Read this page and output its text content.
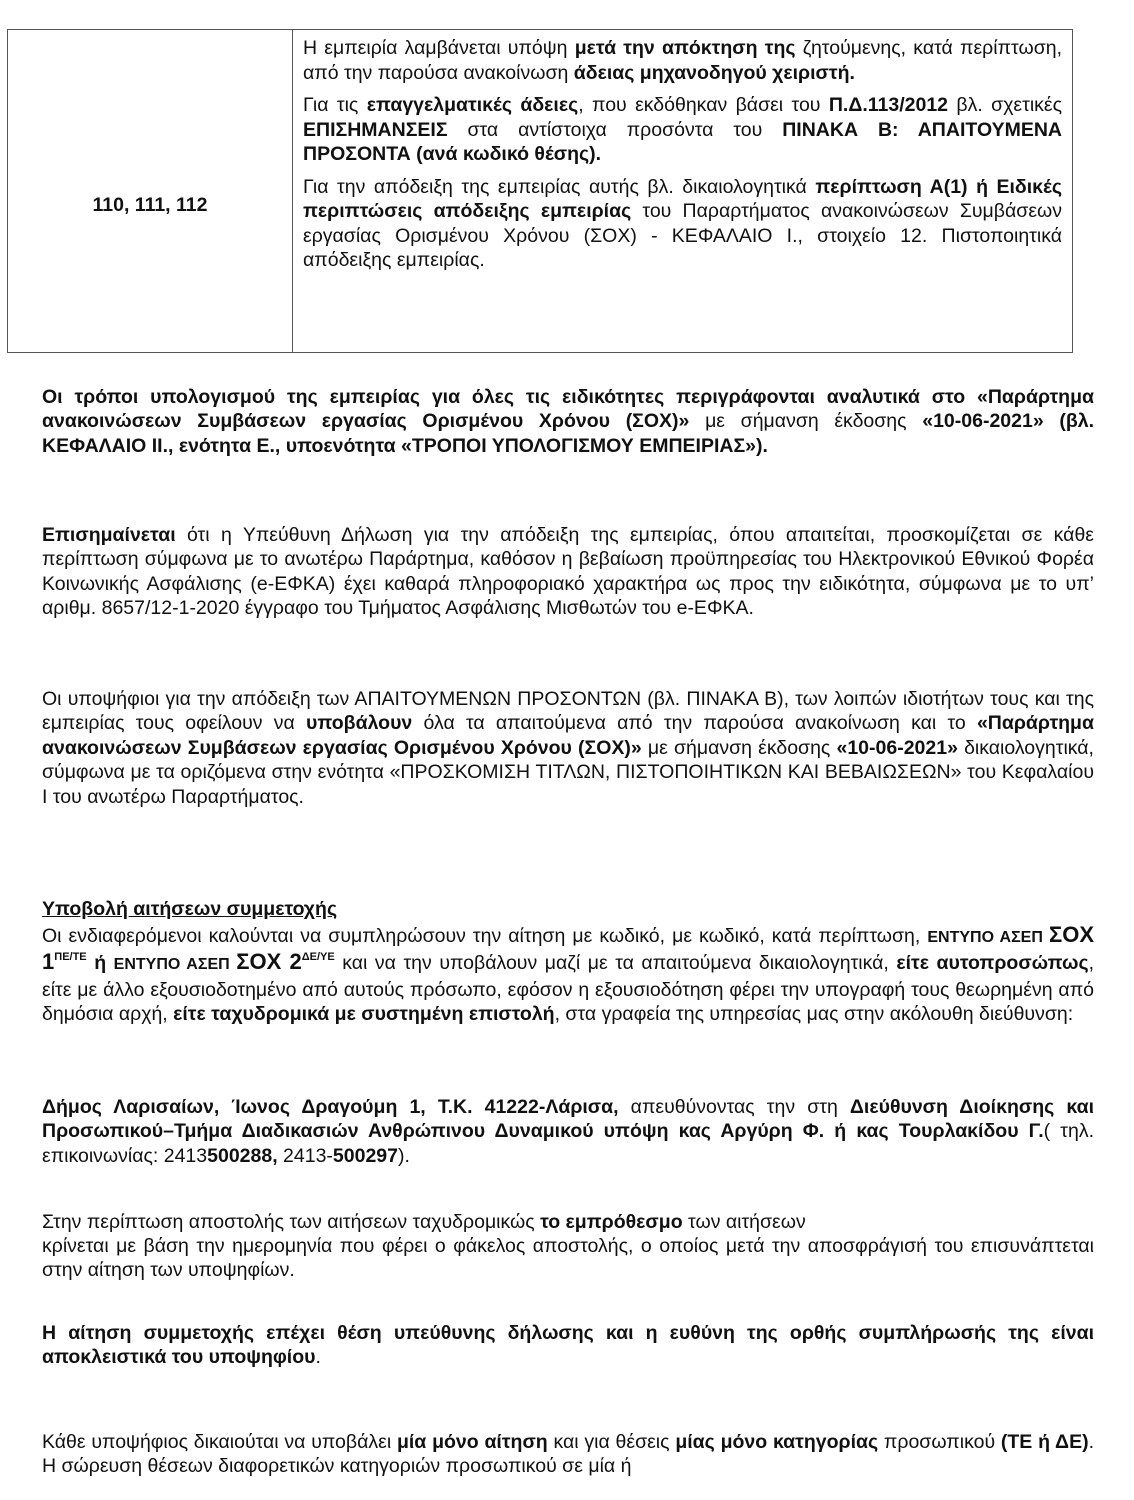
110, 111, 112

Η εμπειρία λαμβάνεται υπόψη μετά την απόκτηση της ζητούμενης, κατά περίπτωση, από την παρούσα ανακοίνωση άδειας μηχανοδηγού χειριστή.

Για τις επαγγελματικές άδειες, που εκδόθηκαν βάσει του Π.Δ.113/2012 βλ. σχετικές ΕΠΙΣΗΜΑΝΣΕΙΣ στα αντίστοιχα προσόντα του ΠΙΝΑΚΑ Β: ΑΠΑΙΤΟΥΜΕΝΑ ΠΡΟΣΟΝΤΑ (ανά κωδικό θέσης).

Για την απόδειξη της εμπειρίας αυτής βλ. δικαιολογητικά περίπτωση Α(1) ή Ειδικές περιπτώσεις απόδειξης εμπειρίας του Παραρτήματος ανακοινώσεων Συμβάσεων εργασίας Ορισμένου Χρόνου (ΣΟΧ) - ΚΕΦΑΛΑΙΟ Ι., στοιχείο 12. Πιστοποιητικά απόδειξης εμπειρίας.

Οι τρόποι υπολογισμού της εμπειρίας για όλες τις ειδικότητες περιγράφονται αναλυτικά στο «Παράρτημα ανακοινώσεων Συμβάσεων εργασίας Ορισμένου Χρόνου (ΣΟΧ)» με σήμανση έκδοσης «10-06-2021» (βλ. ΚΕΦΑΛΑΙΟ ΙΙ., ενότητα Ε., υποενότητα «ΤΡΟΠΟΙ ΥΠΟΛΟΓΙΣΜΟΥ ΕΜΠΕΙΡΙΑΣ»).

Επισημαίνεται ότι η Υπεύθυνη Δήλωση για την απόδειξη της εμπειρίας, όπου απαιτείται, προσκομίζεται σε κάθε περίπτωση σύμφωνα με το ανωτέρω Παράρτημα, καθόσον η βεβαίωση προϋπηρεσίας του Ηλεκτρονικού Εθνικού Φορέα Κοινωνικής Ασφάλισης (e-ΕΦΚΑ) έχει καθαρά πληροφοριακό χαρακτήρα ως προς την ειδικότητα, σύμφωνα με το υπ’ αριθμ. 8657/12-1-2020 έγγραφο του Τμήματος Ασφάλισης Μισθωτών του e-ΕΦΚΑ.

Οι υποψήφιοι για την απόδειξη των ΑΠΑΙΤΟΥΜΕΝΩΝ ΠΡΟΣΟΝΤΩΝ (βλ. ΠΙΝΑΚΑ Β), των λοιπών ιδιοτήτων τους και της εμπειρίας τους οφείλουν να υποβάλουν όλα τα απαιτούμενα από την παρούσα ανακοίνωση και το «Παράρτημα ανακοινώσεων Συμβάσεων εργασίας Ορισμένου Χρόνου (ΣΟΧ)» με σήμανση έκδοσης «10-06-2021» δικαιολογητικά, σύμφωνα με τα οριζόμενα στην ενότητα «ΠΡΟΣΚΟΜΙΣΗ ΤΙΤΛΩΝ, ΠΙΣΤΟΠΟΙΗΤΙΚΩΝ ΚΑΙ ΒΕΒΑΙΩΣΕΩΝ» του Κεφαλαίου Ι του ανωτέρω Παραρτήματος.

Υποβολή αιτήσεων συμμετοχής

Οι ενδιαφερόμενοι καλούνται να συμπληρώσουν την αίτηση με κωδικό, με κωδικό, κατά περίπτωση, ΕΝΤΥΠΟ ΑΣΕΠ ΣΟΧ $1^{\Pi E/TE}$ ή ΕΝΤΥΠΟ ΑΣΕΠ ΣΟΧ $2^{\Delta E/\Upsilon E}$ και να την υποβάλουν μαζί με τα απαιτούμενα δικαιολογητικά, είτε αυτοπροσώπως, είτε με άλλο εξουσιοδοτημένο από αυτούς πρόσωπο, εφόσον η εξουσιοδότηση φέρει την υπογραφή τους θεωρημένη από δημόσια αρχή, είτε ταχυδρομικά με συστημένη επιστολή, στα γραφεία της υπηρεσίας μας στην ακόλουθη διεύθυνση:

Δήμος Λαρισαίων, Ίωνος Δραγούμη 1, Τ.Κ. 41222-Λάρισα, απευθύνοντας την στη Διεύθυνση Διοίκησης και Προσωπικού–Τμήμα Διαδικασιών Ανθρώπινου Δυναμικού υπόψη κας Αργύρη Φ. ή κας Τουρλακίδου Γ.( τηλ. επικοινωνίας: 2413500288, 2413-500297).

Στην περίπτωση αποστολής των αιτήσεων ταχυδρομικώς το εμπρόθεσμο των αιτήσεων

κρίνεται με βάση την ημερομηνία που φέρει ο φάκελος αποστολής, ο οποίος μετά την αποσφράγισή του επισυνάπτεται στην αίτηση των υποψηφίων.

Η αίτηση συμμετοχής επέχει θέση υπεύθυνης δήλωσης και η ευθύνη της ορθής συμπλήρωσής της είναι αποκλειστικά του υποψηφίου.

Κάθε υποψήφιος δικαιούται να υποβάλει μία μόνο αίτηση και για θέσεις μίας μόνο κατηγορίας προσωπικού (ΤΕ ή ΔΕ). Η σώρευση θέσεων διαφορετικών κατηγοριών προσωπικού σε μία ή
